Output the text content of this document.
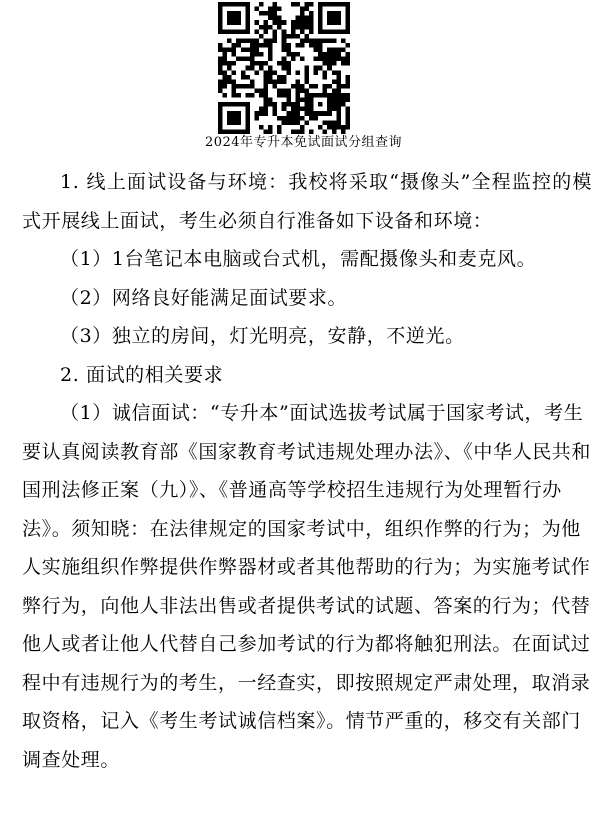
2024年专升本免试面试分组查询

1. 线上面试设备与环境：我校将采取“摄像头”全程监控的模式开展线上面试，考生必须自行准备如下设备和环境：

（1）1台笔记本电脑或台式机，需配摄像头和麦克风。

（2）网络良好能满足面试要求。

（3）独立的房间，灯光明亮，安静，不逆光。

2. 面试的相关要求

（1）诚信面试：“专升本”面试选拔考试属于国家考试，考生要认真阅读教育部《国家教育考试违规处理办法》、《中华人民共和国刑法修正案（九）》、《普通高等学校招生违规行为处理暂行办法》。须知晓：在法律规定的国家考试中，组织作弊的行为；为他人实施组织作弊提供作弊器材或者其他帮助的行为；为实施考试作弊行为，向他人非法出售或者提供考试的试题、答案的行为；代替他人或者让他人代替自己参加考试的行为都将触犯刑法。在面试过程中有违规行为的考生，一经查实，即按照规定严肃处理，取消录取资格，记入《考生考试诚信档案》。情节严重的，移交有关部门调查处理。
